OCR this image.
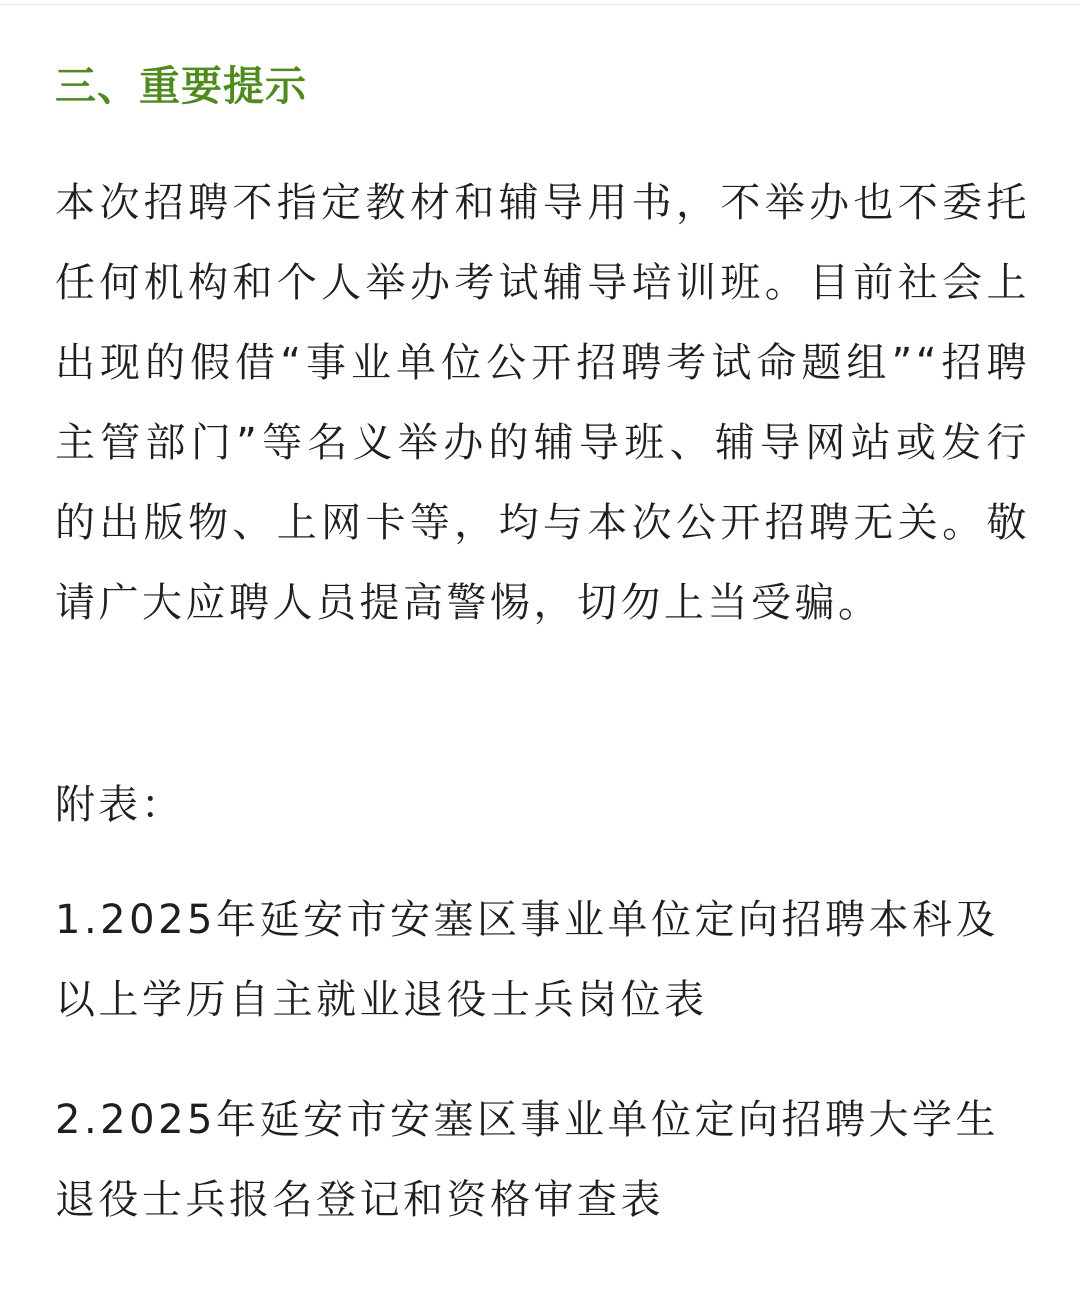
三、重要提示

本次招聘不指定教材和辅导用书，不举办也不委托任何机构和个人举办考试辅导培训班。目前社会上出现的假借“事业单位公开招聘考试命题组”“招聘主管部门”等名义举办的辅导班、辅导网站或发行的出版物、上网卡等，均与本次公开招聘无关。敬请广大应聘人员提高警惕，切勿上当受骗。

附表：

1.2025年延安市安塞区事业单位定向招聘本科及以上学历自主就业退役士兵岗位表

2.2025年延安市安塞区事业单位定向招聘大学生退役士兵报名登记和资格审查表
